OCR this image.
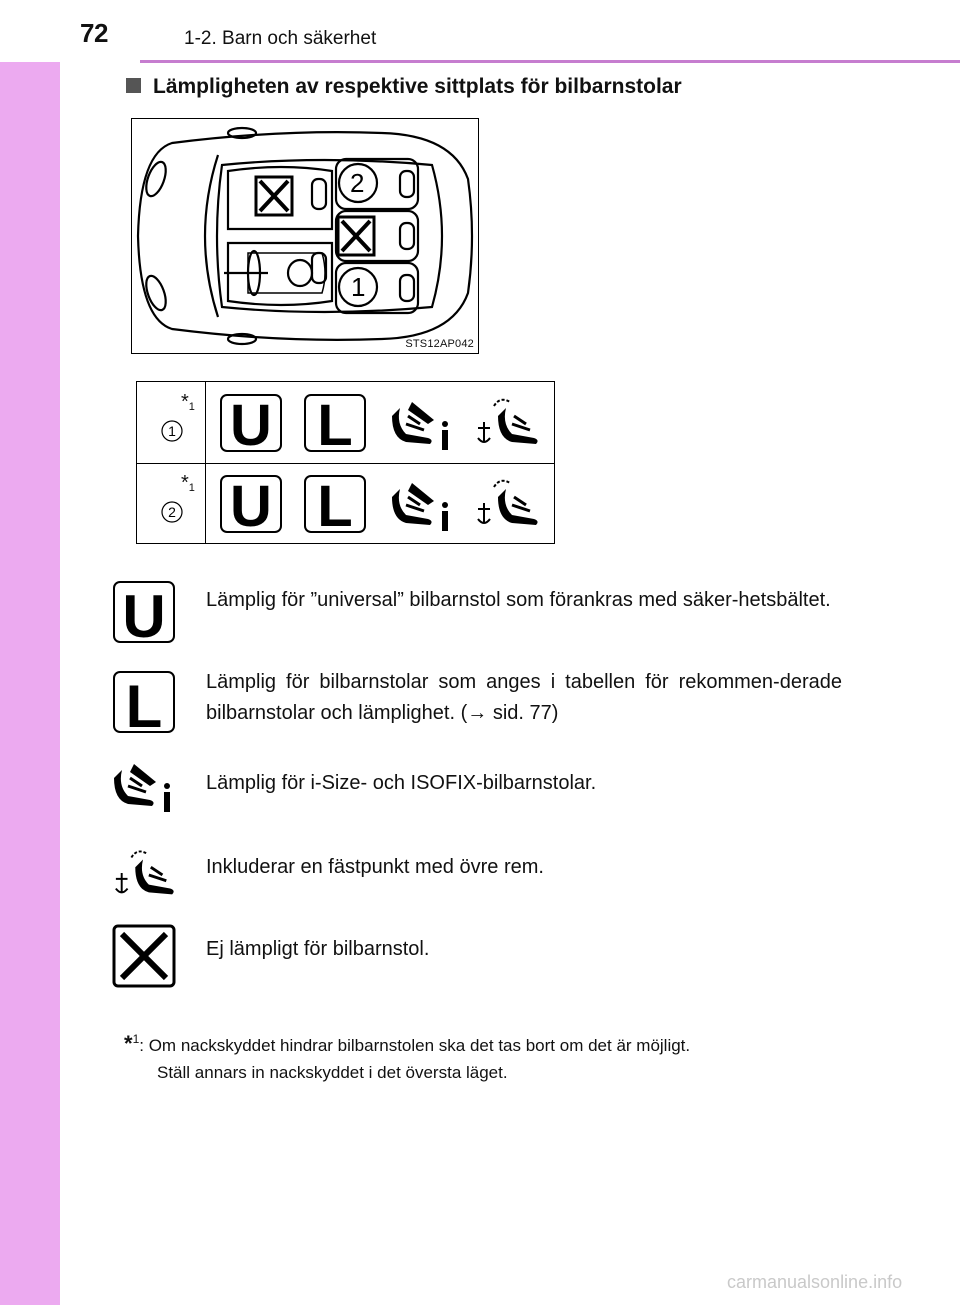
72	1-2. Barn och säkerhet
Lämpligheten av respektive sittplats för bilbarnstolar
2
1
STS12AP042
$*_1$
1 U L
$*_1$
2 U L
U Lämplig för ”universal” bilbarnstol som förankras med säker-hetsbältet.
L Lämplig för bilbarnstolar som anges i tabellen för rekommen-derade bilbarnstolar och lämplighet. (→ sid. 77)
Lämplig för i-Size- och ISOFIX-bilbarnstolar.
Inkluderar en fästpunkt med övre rem.
Ej lämpligt för bilbarnstol.
*$^1$: Om nackskyddet hindrar bilbarnstolen ska det tas bort om det är möjligt.
Ställ annars in nackskyddet i det översta läget.
carmanualsonline.info
